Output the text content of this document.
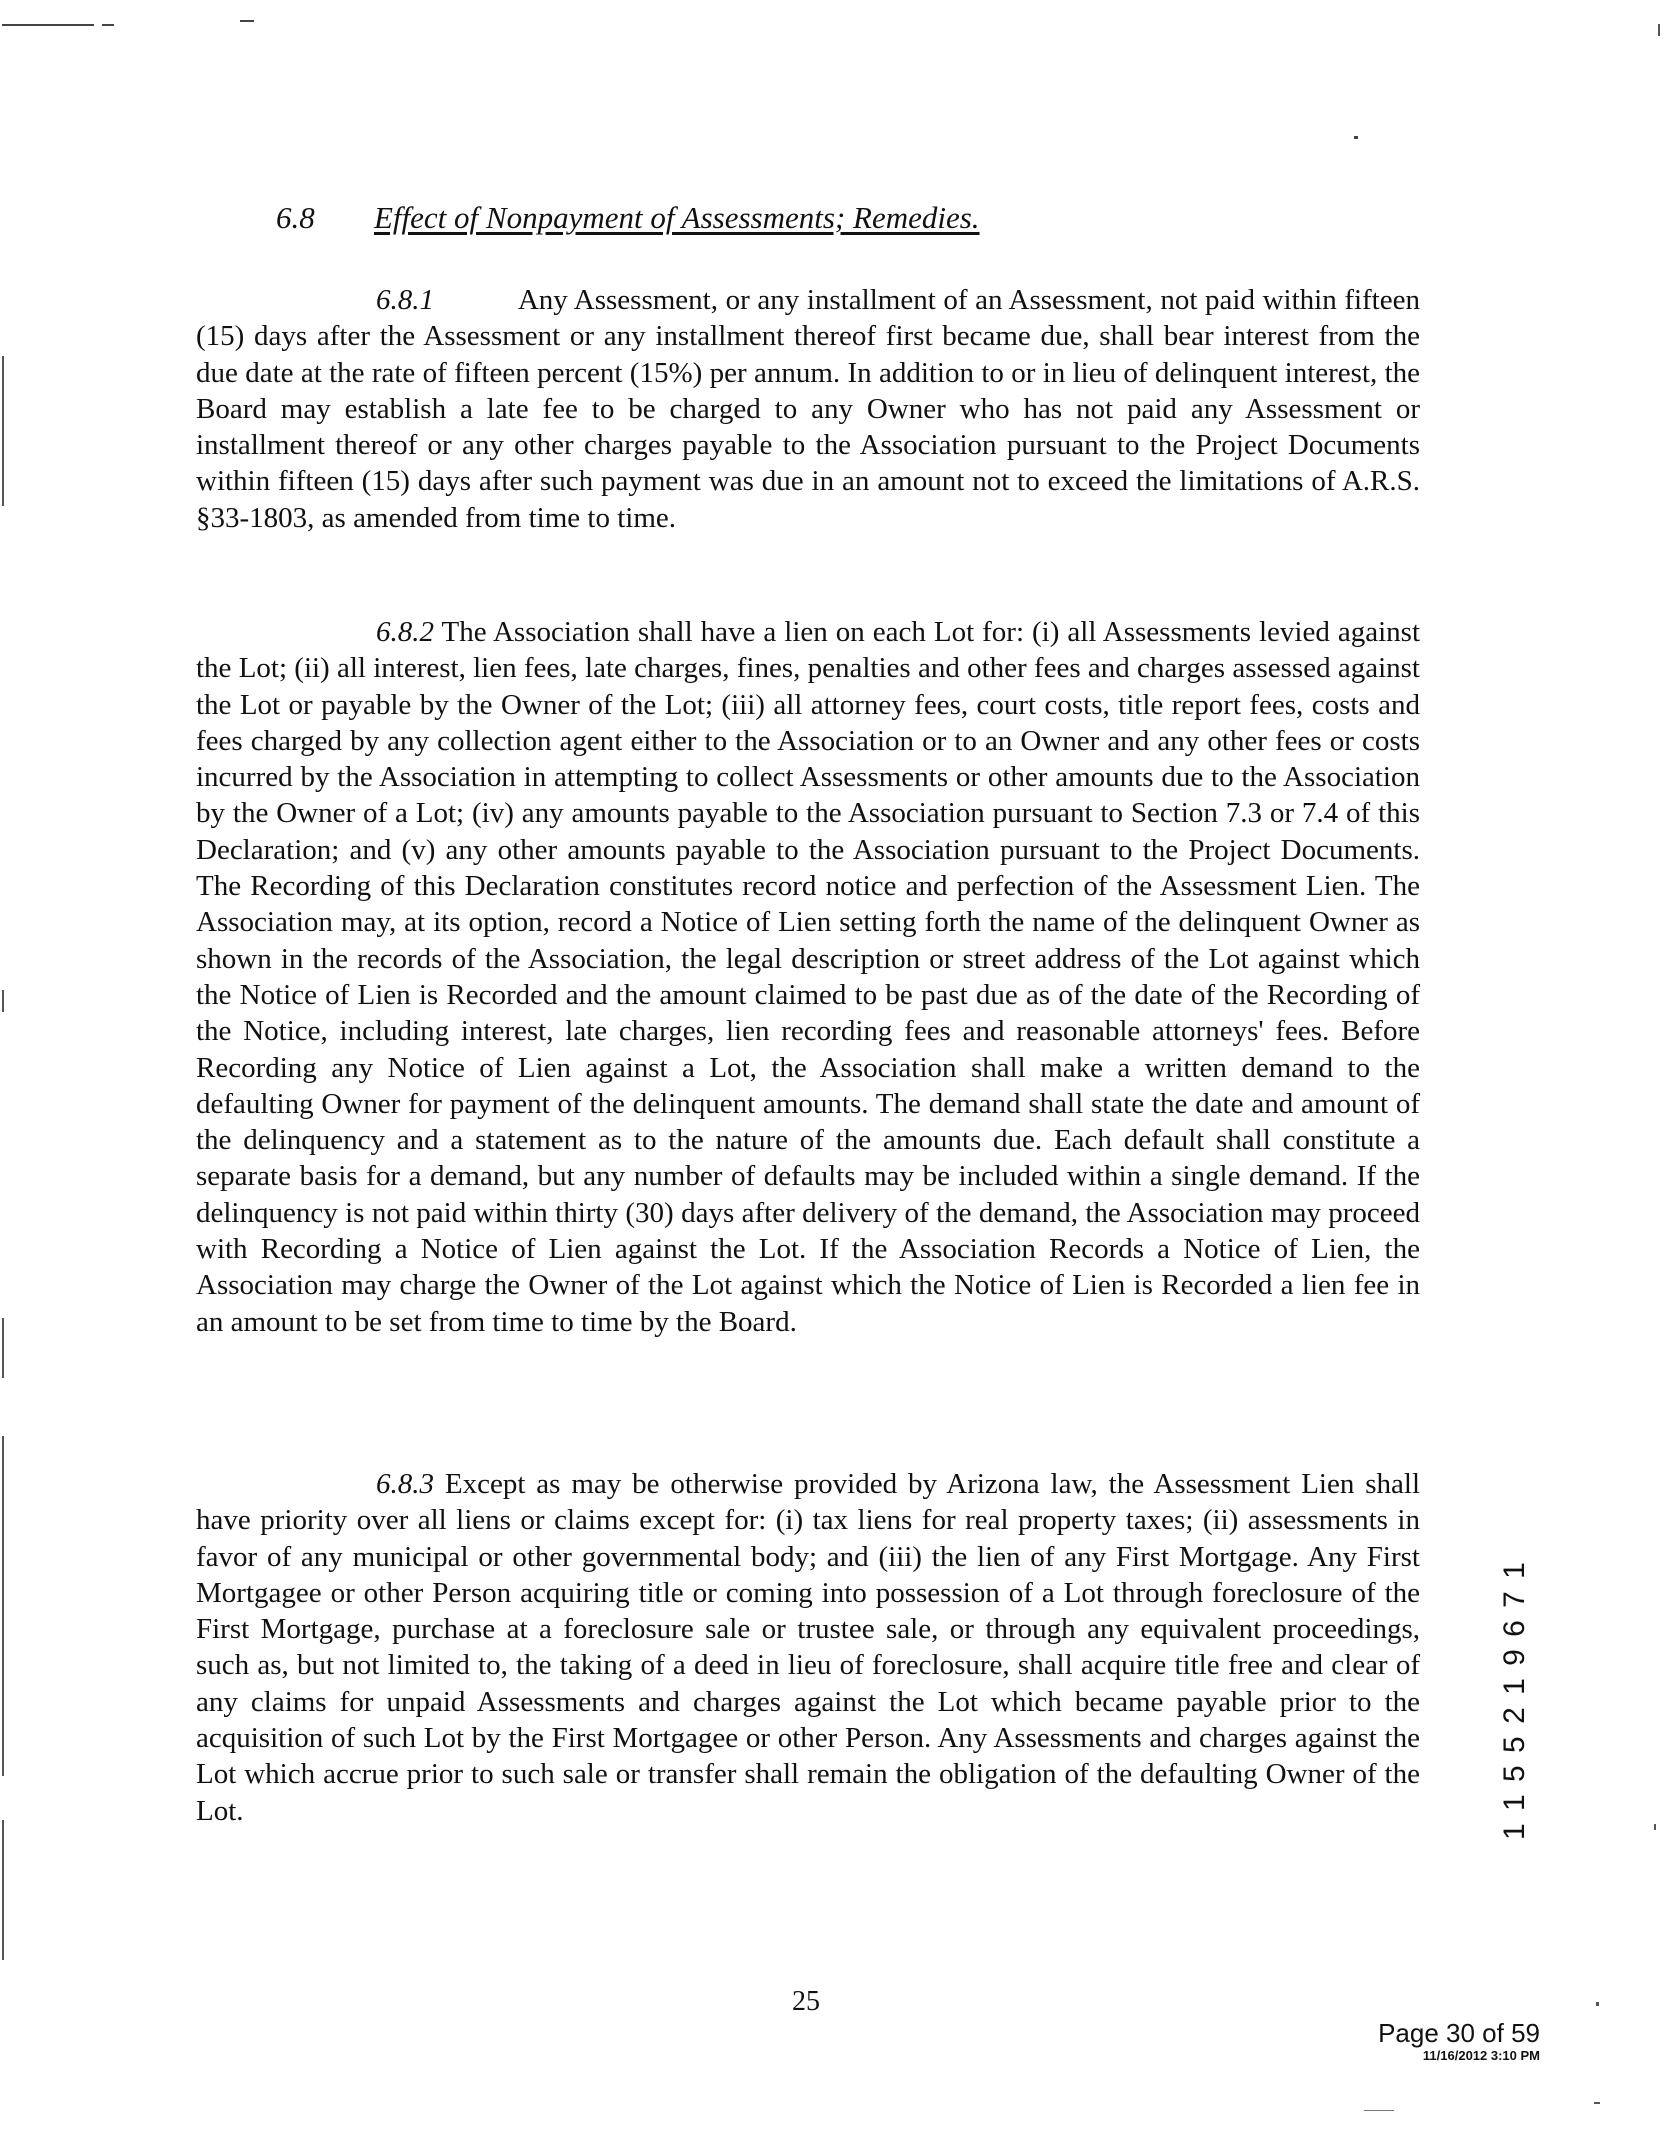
6.8 Effect of Nonpayment of Assessments; Remedies.
6.8.1	Any Assessment, or any installment of an Assessment, not paid within fifteen (15) days after the Assessment or any installment thereof first became due, shall bear interest from the due date at the rate of fifteen percent (15%) per annum. In addition to or in lieu of delinquent interest, the Board may establish a late fee to be charged to any Owner who has not paid any Assessment or installment thereof or any other charges payable to the Association pursuant to the Project Documents within fifteen (15) days after such payment was due in an amount not to exceed the limitations of A.R.S. §33-1803, as amended from time to time.
6.8.2 The Association shall have a lien on each Lot for: (i) all Assessments levied against the Lot; (ii) all interest, lien fees, late charges, fines, penalties and other fees and charges assessed against the Lot or payable by the Owner of the Lot; (iii) all attorney fees, court costs, title report fees, costs and fees charged by any collection agent either to the Association or to an Owner and any other fees or costs incurred by the Association in attempting to collect Assessments or other amounts due to the Association by the Owner of a Lot; (iv) any amounts payable to the Association pursuant to Section 7.3 or 7.4 of this Declaration; and (v) any other amounts payable to the Association pursuant to the Project Documents. The Recording of this Declaration constitutes record notice and perfection of the Assessment Lien. The Association may, at its option, record a Notice of Lien setting forth the name of the delinquent Owner as shown in the records of the Association, the legal description or street address of the Lot against which the Notice of Lien is Recorded and the amount claimed to be past due as of the date of the Recording of the Notice, including interest, late charges, lien recording fees and reasonable attorneys' fees. Before Recording any Notice of Lien against a Lot, the Association shall make a written demand to the defaulting Owner for payment of the delinquent amounts. The demand shall state the date and amount of the delinquency and a statement as to the nature of the amounts due. Each default shall constitute a separate basis for a demand, but any number of defaults may be included within a single demand. If the delinquency is not paid within thirty (30) days after delivery of the demand, the Association may proceed with Recording a Notice of Lien against the Lot. If the Association Records a Notice of Lien, the Association may charge the Owner of the Lot against which the Notice of Lien is Recorded a lien fee in an amount to be set from time to time by the Board.
6.8.3 Except as may be otherwise provided by Arizona law, the Assessment Lien shall have priority over all liens or claims except for: (i) tax liens for real property taxes; (ii) assessments in favor of any municipal or other governmental body; and (iii) the lien of any First Mortgage. Any First Mortgagee or other Person acquiring title or coming into possession of a Lot through foreclosure of the First Mortgage, purchase at a foreclosure sale or trustee sale, or through any equivalent proceedings, such as, but not limited to, the taking of a deed in lieu of foreclosure, shall acquire title free and clear of any claims for unpaid Assessments and charges against the Lot which became payable prior to the acquisition of such Lot by the First Mortgagee or other Person. Any Assessments and charges against the Lot which accrue prior to such sale or transfer shall remain the obligation of the defaulting Owner of the Lot.	1 1 5 5 2 1 9 6 7 1
25
Page 30 of 59
11/16/2012 3:10 PM
